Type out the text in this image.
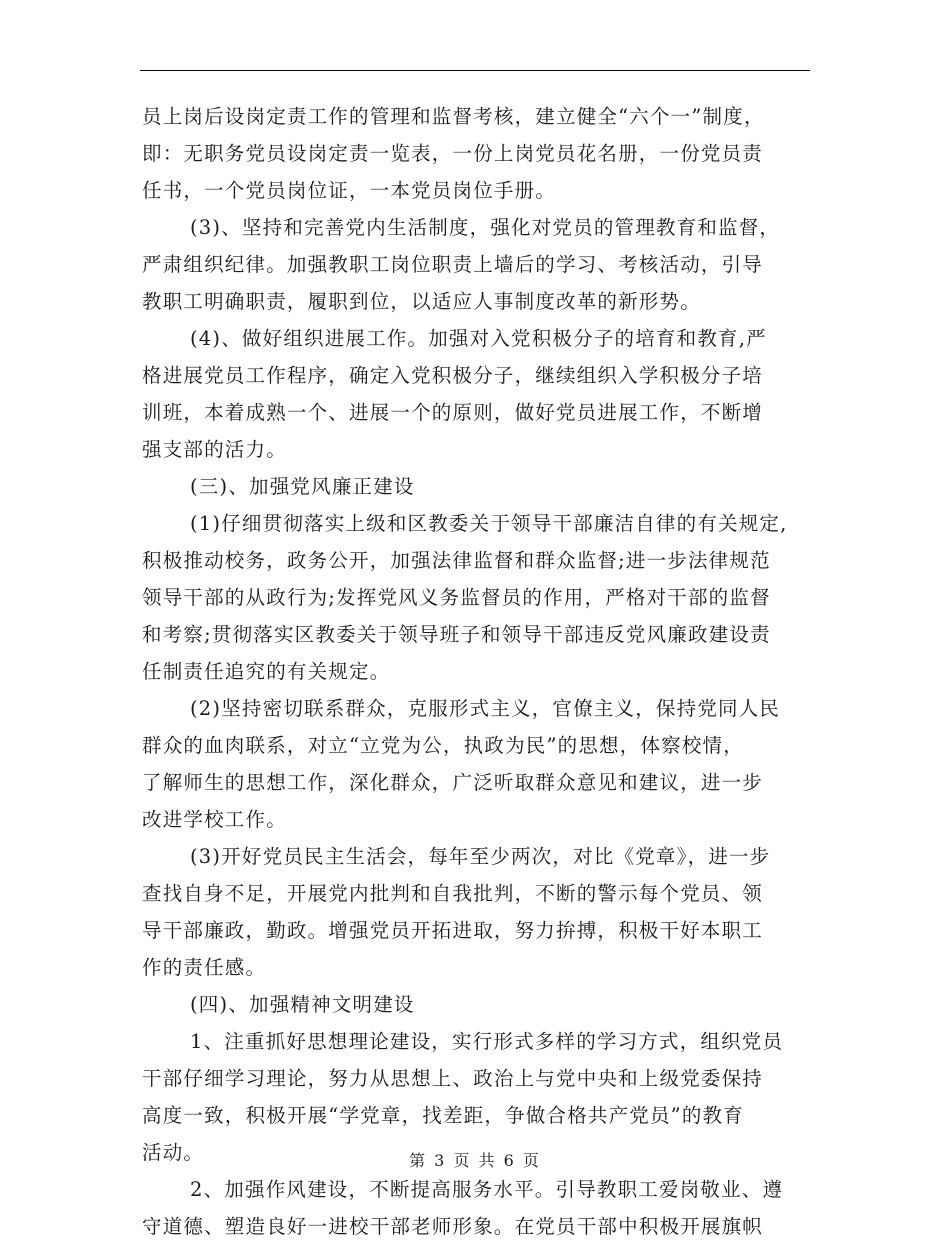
员上岗后设岗定责工作的管理和监督考核，建立健全“六个一”制度，
即：无职务党员设岗定责一览表，一份上岗党员花名册，一份党员责
任书，一个党员岗位证，一本党员岗位手册。
(3)、坚持和完善党内生活制度，强化对党员的管理教育和监督，
严肃组织纪律。加强教职工岗位职责上墙后的学习、考核活动，引导
教职工明确职责，履职到位，以适应人事制度改革的新形势。
(4)、做好组织进展工作。加强对入党积极分子的培育和教育,严
格进展党员工作程序，确定入党积极分子，继续组织入学积极分子培
训班，本着成熟一个、进展一个的原则，做好党员进展工作，不断增
强支部的活力。
(三)、加强党风廉正建设
(1)仔细贯彻落实上级和区教委关于领导干部廉洁自律的有关规定,
积极推动校务，政务公开，加强法律监督和群众监督;进一步法律规范
领导干部的从政行为;发挥党风义务监督员的作用，严格对干部的监督
和考察;贯彻落实区教委关于领导班子和领导干部违反党风廉政建设责
任制责任追究的有关规定。
(2)坚持密切联系群众，克服形式主义，官僚主义，保持党同人民
群众的血肉联系，对立“立党为公，执政为民”的思想，体察校情，
了解师生的思想工作，深化群众，广泛听取群众意见和建议，进一步
改进学校工作。
(3)开好党员民主生活会，每年至少两次，对比《党章》，进一步
查找自身不足，开展党内批判和自我批判，不断的警示每个党员、领
导干部廉政，勤政。增强党员开拓进取，努力拚搏，积极干好本职工
作的责任感。
(四)、加强精神文明建设
1、注重抓好思想理论建设，实行形式多样的学习方式，组织党员
干部仔细学习理论，努力从思想上、政治上与党中央和上级党委保持
高度一致，积极开展“学党章，找差距，争做合格共产党员”的教育
活动。
2、加强作风建设，不断提高服务水平。引导教职工爱岗敬业、遵
守道德、塑造良好一进校干部老师形象。在党员干部中积极开展旗帜
第 3 页 共 6 页
